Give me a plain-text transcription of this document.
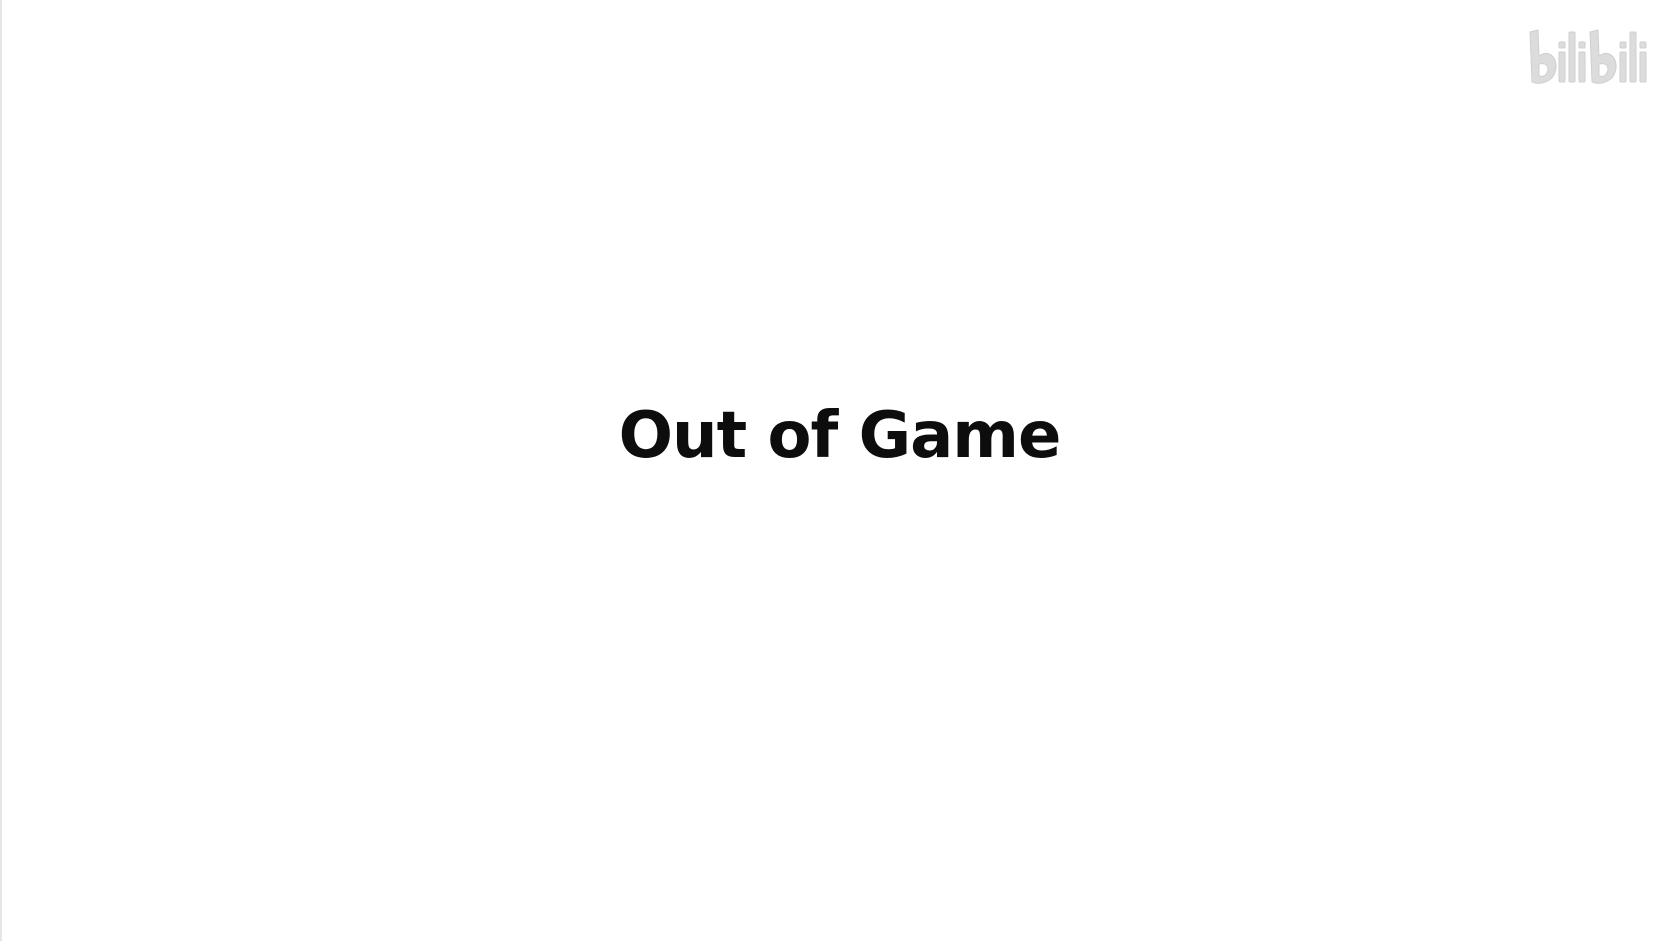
Out of Game
